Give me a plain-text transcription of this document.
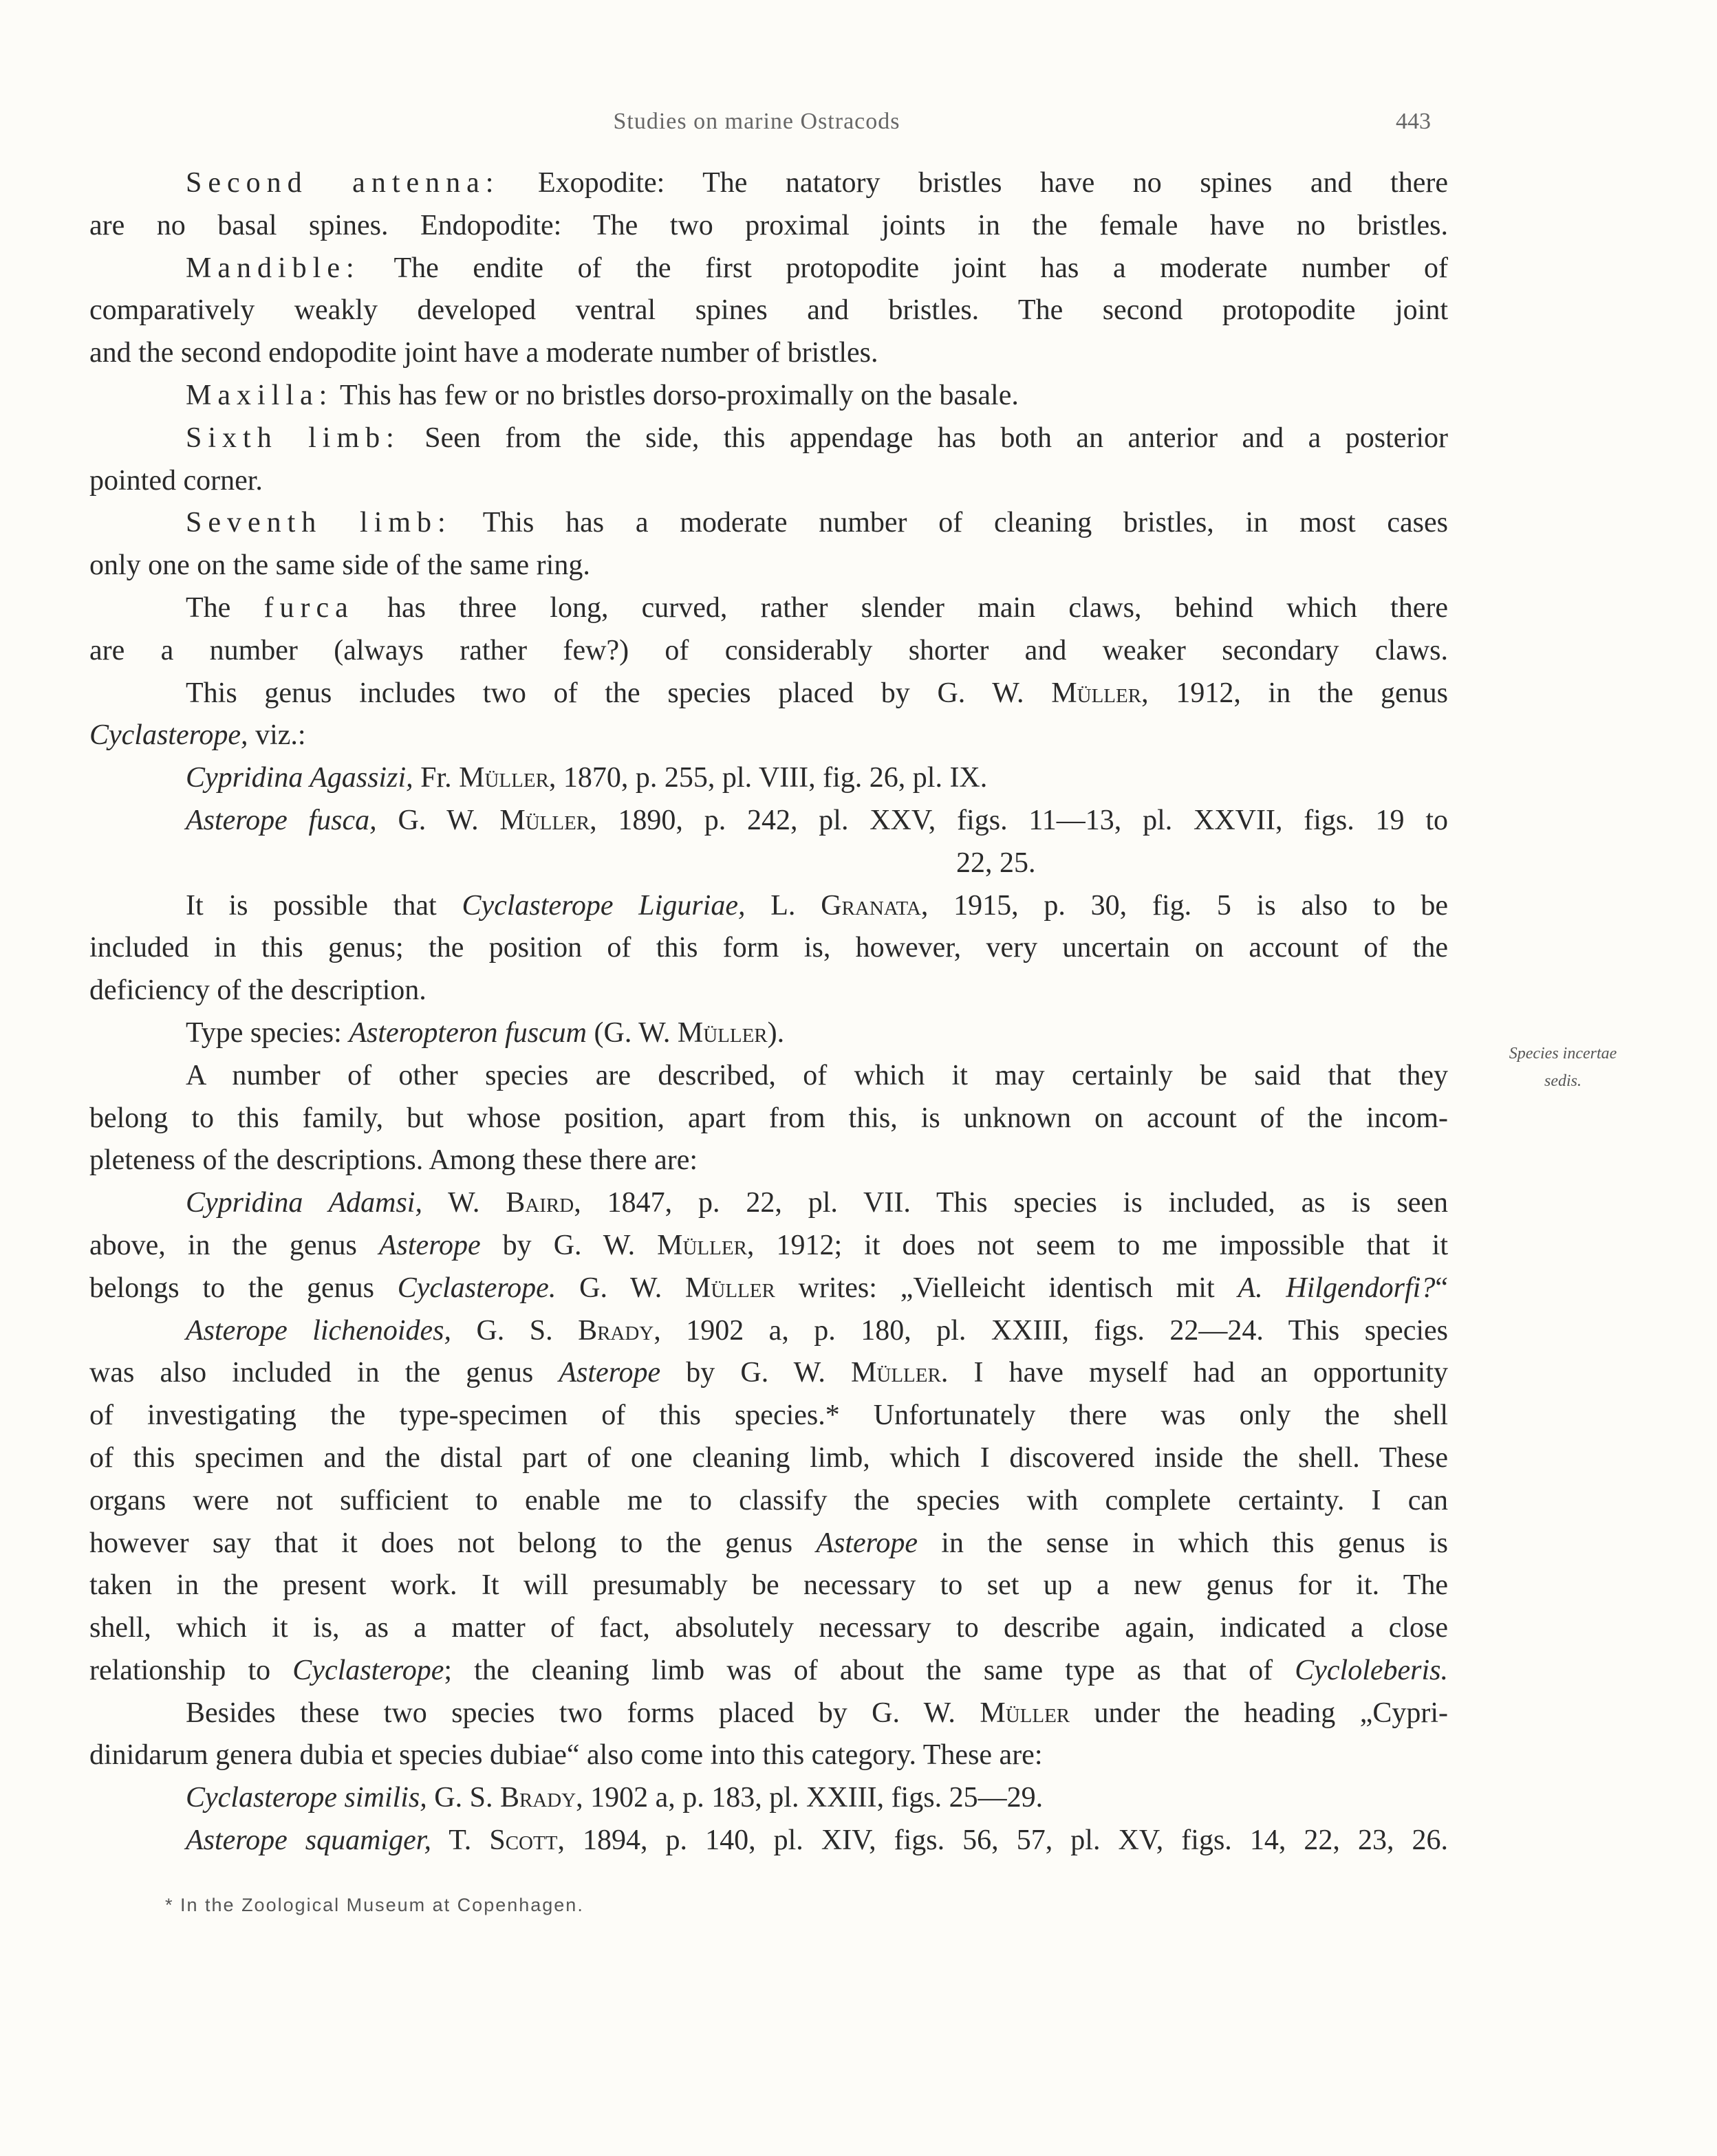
Studies on marine Ostracods	443
Second antenna: Exopodite: The natatory bristles have no spines and there
are no basal spines. Endopodite: The two proximal joints in the female have no bristles.
Mandible: The endite of the first protopodite joint has a moderate number of
comparatively weakly developed ventral spines and bristles. The second protopodite joint
and the second endopodite joint have a moderate number of bristles.
Maxilla: This has few or no bristles dorso-proximally on the basale.
Sixth limb: Seen from the side, this appendage has both an anterior and a posterior
pointed corner.
Seventh limb: This has a moderate number of cleaning bristles, in most cases
only one on the same side of the same ring.
The furca has three long, curved, rather slender main claws, behind which there
are a number (always rather few?) of considerably shorter and weaker secondary claws.
This genus includes two of the species placed by G. W. Müller, 1912, in the genus
Cyclasterope, viz.:
Cypridina Agassizi, Fr. Müller, 1870, p. 255, pl. VIII, fig. 26, pl. IX.
Asterope fusca, G. W. Müller, 1890, p. 242, pl. XXV, figs. 11—13, pl. XXVII, figs. 19 to
22, 25.
It is possible that Cyclasterope Liguriae, L. Granata, 1915, p. 30, fig. 5 is also to be
included in this genus; the position of this form is, however, very uncertain on account of the
deficiency of the description.
Type species: Asteropteron fuscum (G. W. Müller).
A number of other species are described, of which it may certainly be said that they
belong to this family, but whose position, apart from this, is unknown on account of the incom-
pleteness of the descriptions. Among these there are:
Cypridina Adamsi, W. Baird, 1847, p. 22, pl. VII. This species is included, as is seen
above, in the genus Asterope by G. W. Müller, 1912; it does not seem to me impossible that it
belongs to the genus Cyclasterope. G. W. Müller writes: „Vielleicht identisch mit A. Hilgendorfi?“
Asterope lichenoides, G. S. Brady, 1902 a, p. 180, pl. XXIII, figs. 22—24. This species
was also included in the genus Asterope by G. W. Müller. I have myself had an opportunity
of investigating the type-specimen of this species.* Unfortunately there was only the shell
of this specimen and the distal part of one cleaning limb, which I discovered inside the shell. These
organs were not sufficient to enable me to classify the species with complete certainty. I can
however say that it does not belong to the genus Asterope in the sense in which this genus is
taken in the present work. It will presumably be necessary to set up a new genus for it. The
shell, which it is, as a matter of fact, absolutely necessary to describe again, indicated a close
relationship to Cyclasterope; the cleaning limb was of about the same type as that of Cycloleberis.
Besides these two species two forms placed by G. W. Müller under the heading „Cypri-
dinidarum genera dubia et species dubiae“ also come into this category. These are:
Cyclasterope similis, G. S. Brady, 1902 a, p. 183, pl. XXIII, figs. 25—29.
Asterope squamiger, T. Scott, 1894, p. 140, pl. XIV, figs. 56, 57, pl. XV, figs. 14, 22, 23, 26.
Species incertae
sedis.
* In the Zoological Museum at Copenhagen.
